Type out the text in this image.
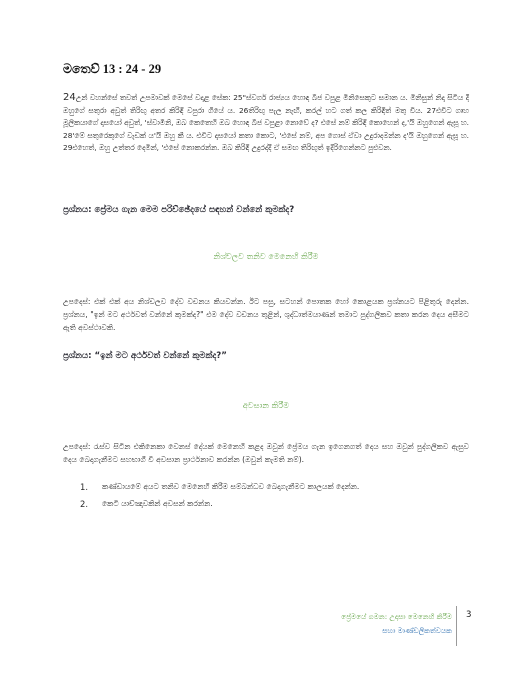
මතෙව් 13 : 24 - 29
24උන් වහන්සේ තවත් උපමාවක් මෙසේ වදාළ සේක: 25"ස්වර්ග රාජ්‍යය හොඳ බීජ වපුළ මිනිසෙකුට සමාන ය. මිනිසුන් නිදා සිටිය දී ඔහුගේ සතුරා අවුත් තිරිඟු අතර කිරිඳි වපුරා ගියේ ය. 26තිරිඟු පැල නැඟී, කරල් හට ගත් කල කිරිඳිත් මතු විය. 27එවිට ගෘහ මූලිකයාගේ දාසයෝ අවුත්, 'ස්වාමීනි, ඔබ කෙතෙහි ඔබ හොඳ බීජ වපුළා නොවේ ද? එසේ නම් කිරිඳි කොහෙන් ද,'යි ඔහුගෙන් ඇසූ හ. 28'මේ සතුරෙකුගේ වැඩක් ය'යි ඔහු කී ය. එවිට දාසයෝ කතා කොට, 'එසේ නම්, අප ගොස් ඒවා උදුරාදමන්න ද'යි ඔහුගෙන් ඇසූ හ. 29එහෙත්, ඔහු උත්තර දෙමින්, 'එසේ නොකරන්න. ඔබ කිරිඳි උදුරද්දී ඒ සමඟ තිරිඟුත් ඉදිරිගෙන්නට පුළුවන.
ප්‍රශ්නය: ප්‍රේමය ගැන මෙම පරිච්ඡේදයේ සඳහන් වන්නේ කුමක්ද?
නිශ්චලව තනිව මෙනෙහි කිරීම
උපදෙස්: එක් එක් අය නිශ්චලව දේව වචනය කියවන්න. ඊට පසු, සටහන් පොතක හෝ කොළයක ප්‍රශ්නයට පිළිතුරු දෙන්න. ප්‍රශ්නය, "ඉන් මට අර්ථවත් වන්නේ කුමක්ද?" එම දේව වචනය තුළින්, ශුද්ධාත්මයාණන් තමාට පුද්ගලිකව කතා කරන දෙය අසීමට ඇති අවස්ථාවකි.
ප්‍රශ්නය: “ඉන් මට අර්ථවත් වන්නේ කුමක්ද?”
අවසාන කිරීම
උපදෙස්: රැස්ව සිටින එකිනෙකා වෙනස් දේයක් මෙනෙහි කළද ඔවුන් ප්‍රේමය ගැන ඉගෙනගත් දෙය සහ ඔවුන් පුද්ගලිකව ඇසුව දෙය බෙදාගැනීමට සහභාගී වී අවසාන ප්‍රාර්ථනාව කරන්න (ඔවුන් කැමති නම්).
1. කණ්ඩායමේ අයට තනිව මෙනෙහි කිරීම සම්බන්ධව බෙදාගැනීමට කාලයක් දෙන්න.
2. කෙටි යාච්ඤාවකින් අවසන් කරන්න.
ප්‍රේමයේ ගමන: උදාසා මෙනෙහි කිරීම
සහා මාණ්ඩලිකත්වයක
3
